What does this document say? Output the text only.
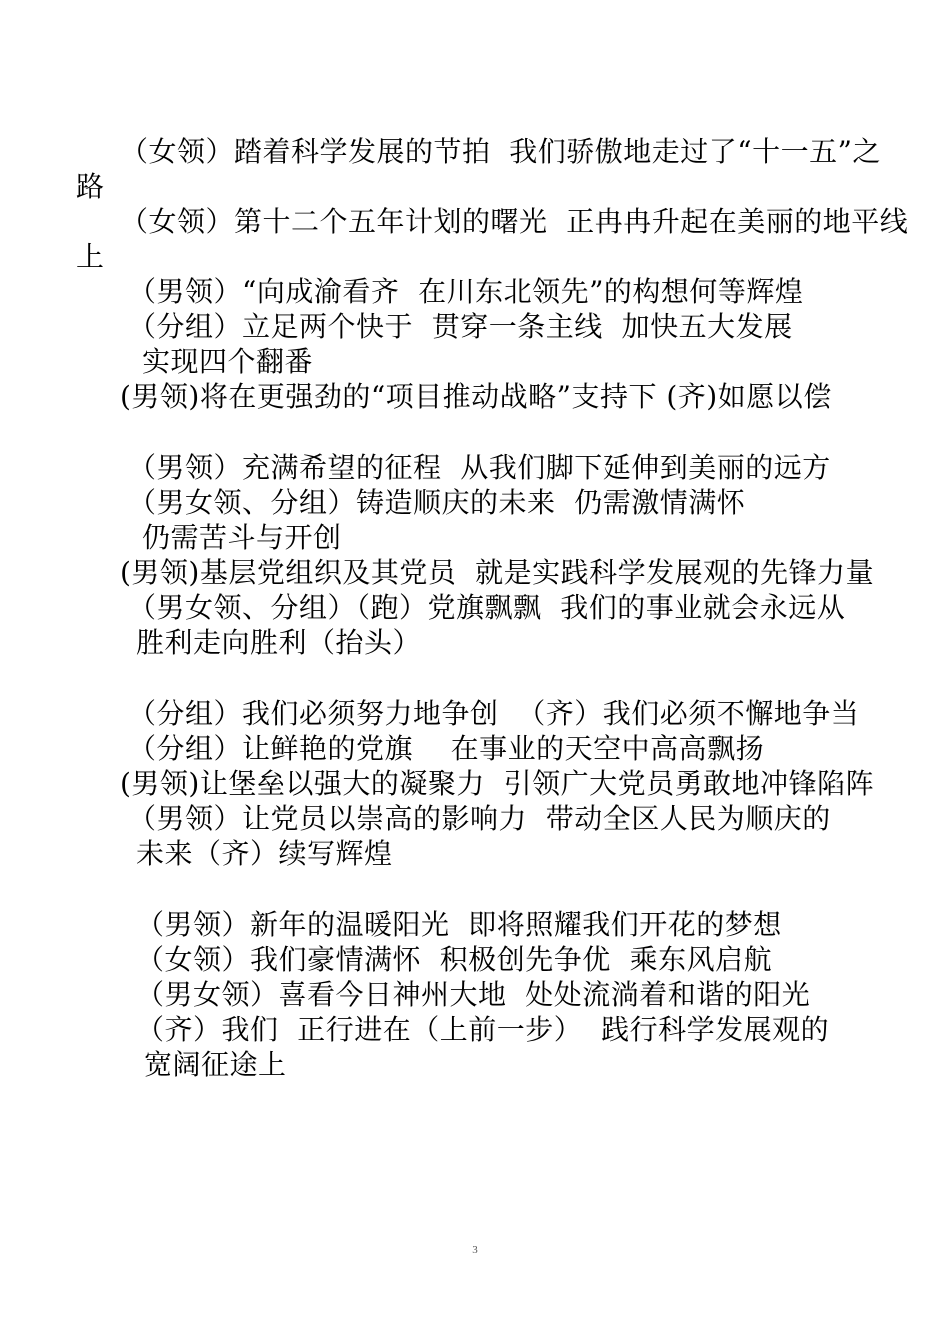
（女领）踏着科学发展的节拍  我们骄傲地走过了“十一五”之
路
（女领）第十二个五年计划的曙光  正冉冉升起在美丽的地平线
上
（男领）“向成渝看齐  在川东北领先”的构想何等辉煌
（分组）立足两个快于  贯穿一条主线  加快五大发展
实现四个翻番
(男领)将在更强劲的“项目推动战略”支持下 (齐)如愿以偿
（男领）充满希望的征程  从我们脚下延伸到美丽的远方
（男女领、分组）铸造顺庆的未来  仍需激情满怀
仍需苦斗与开创
(男领)基层党组织及其党员  就是实践科学发展观的先锋力量
（男女领、分组）（跑）党旗飘飘  我们的事业就会永远从
胜利走向胜利（抬头）
（分组）我们必须努力地争创  （齐）我们必须不懈地争当
（分组）让鲜艳的党旗    在事业的天空中高高飘扬
(男领)让堡垒以强大的凝聚力  引领广大党员勇敢地冲锋陷阵
（男领）让党员以崇高的影响力  带动全区人民为顺庆的
未来（齐）续写辉煌
（男领）新年的温暖阳光  即将照耀我们开花的梦想
（女领）我们豪情满怀  积极创先争优  乘东风启航
（男女领）喜看今日神州大地  处处流淌着和谐的阳光
（齐）我们  正行进在（上前一步）  践行科学发展观的
宽阔征途上
3
